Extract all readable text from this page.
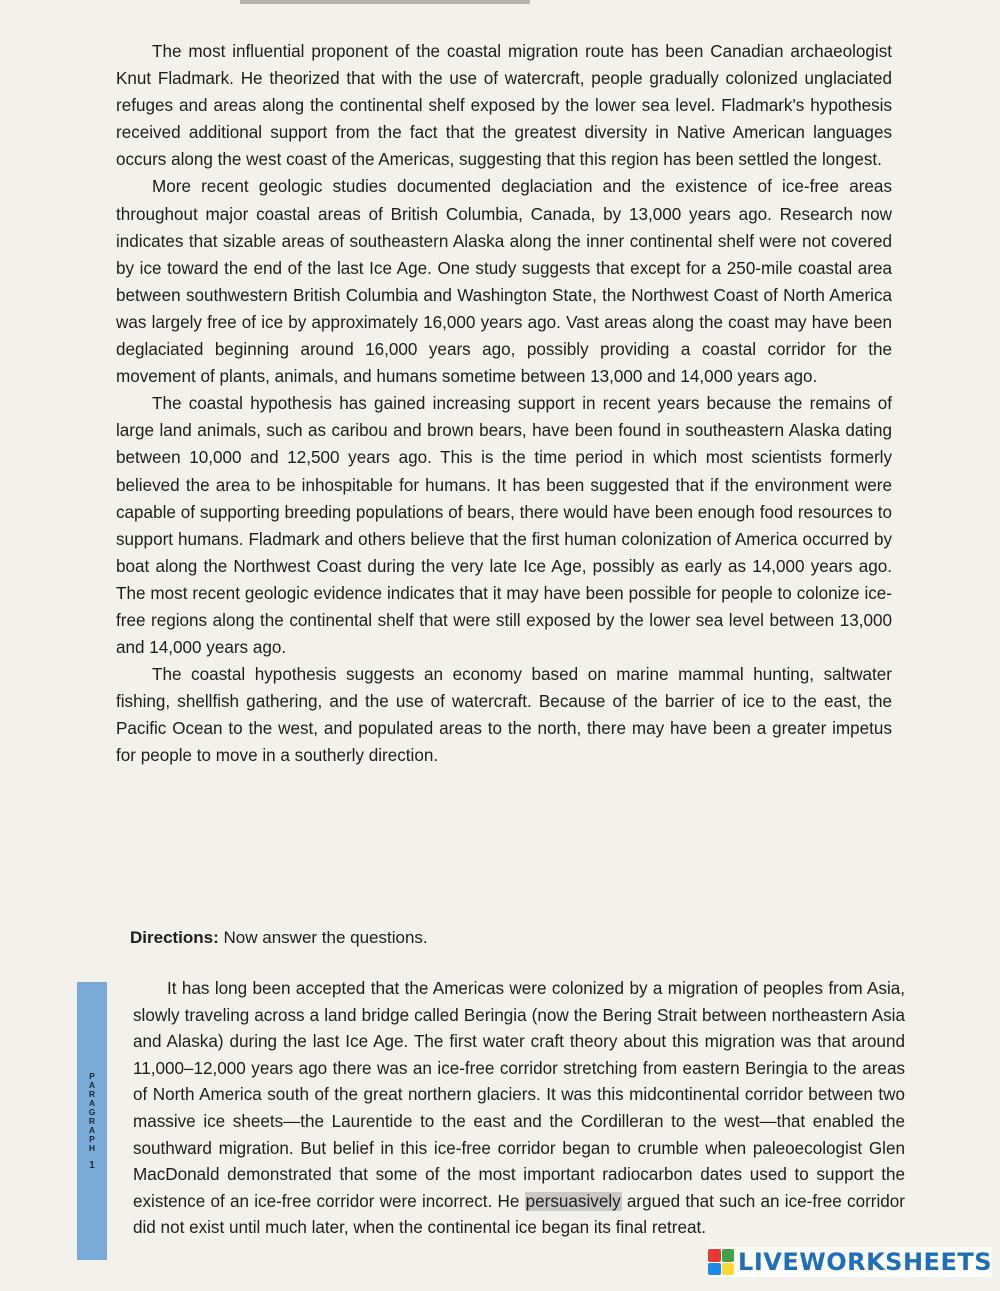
The most influential proponent of the coastal migration route has been Canadian archaeologist Knut Fladmark. He theorized that with the use of watercraft, people gradually colonized unglaciated refuges and areas along the continental shelf exposed by the lower sea level. Fladmark's hypothesis received additional support from the fact that the greatest diversity in Native American languages occurs along the west coast of the Americas, suggesting that this region has been settled the longest.

More recent geologic studies documented deglaciation and the existence of ice-free areas throughout major coastal areas of British Columbia, Canada, by 13,000 years ago. Research now indicates that sizable areas of southeastern Alaska along the inner continental shelf were not covered by ice toward the end of the last Ice Age. One study suggests that except for a 250-mile coastal area between southwestern British Columbia and Washington State, the Northwest Coast of North America was largely free of ice by approximately 16,000 years ago. Vast areas along the coast may have been deglaciated beginning around 16,000 years ago, possibly providing a coastal corridor for the movement of plants, animals, and humans sometime between 13,000 and 14,000 years ago.

The coastal hypothesis has gained increasing support in recent years because the remains of large land animals, such as caribou and brown bears, have been found in southeastern Alaska dating between 10,000 and 12,500 years ago. This is the time period in which most scientists formerly believed the area to be inhospitable for humans. It has been suggested that if the environment were capable of supporting breeding populations of bears, there would have been enough food resources to support humans. Fladmark and others believe that the first human colonization of America occurred by boat along the Northwest Coast during the very late Ice Age, possibly as early as 14,000 years ago. The most recent geologic evidence indicates that it may have been possible for people to colonize ice-free regions along the continental shelf that were still exposed by the lower sea level between 13,000 and 14,000 years ago.

The coastal hypothesis suggests an economy based on marine mammal hunting, saltwater fishing, shellfish gathering, and the use of watercraft. Because of the barrier of ice to the east, the Pacific Ocean to the west, and populated areas to the north, there may have been a greater impetus for people to move in a southerly direction.

Directions: Now answer the questions.
PARAGRAPH
1

It has long been accepted that the Americas were colonized by a migration of peoples from Asia, slowly traveling across a land bridge called Beringia (now the Bering Strait between northeastern Asia and Alaska) during the last Ice Age. The first water craft theory about this migration was that around 11,000–12,000 years ago there was an ice-free corridor stretching from eastern Beringia to the areas of North America south of the great northern glaciers. It was this midcontinental corridor between two massive ice sheets—the Laurentide to the east and the Cordilleran to the west—that enabled the southward migration. But belief in this ice-free corridor began to crumble when paleoecologist Glen MacDonald demonstrated that some of the most important radiocarbon dates used to support the existence of an ice-free corridor were incorrect. He persuasively argued that such an ice-free corridor did not exist until much later, when the continental ice began its final retreat.

LIVEWORKSHEETS
